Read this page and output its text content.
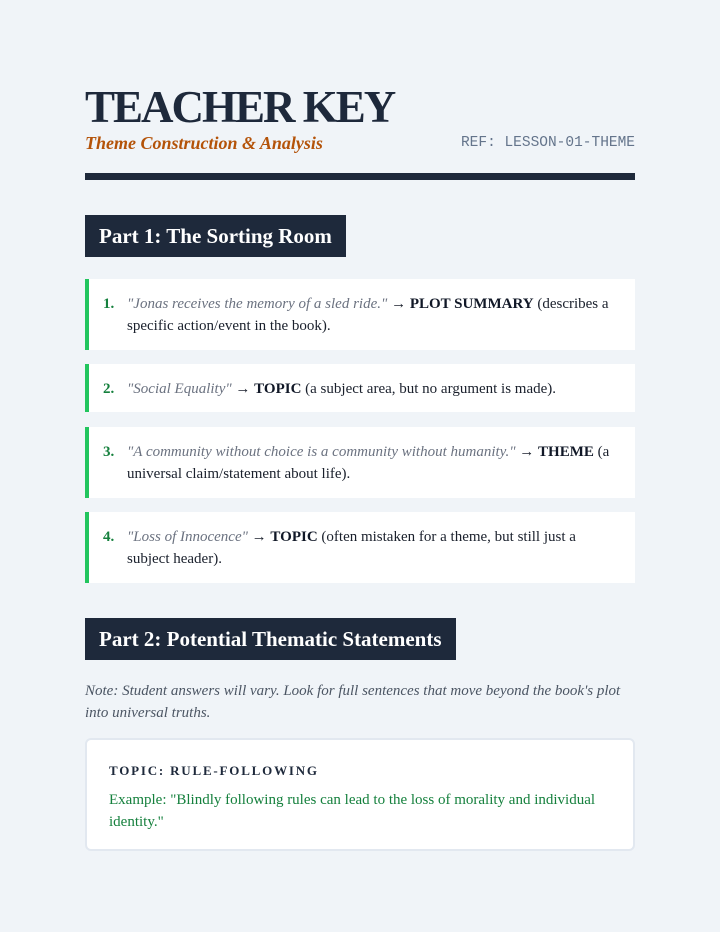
TEACHER KEY
Theme Construction & Analysis	REF: LESSON-01-THEME
Part 1: The Sorting Room
1. "Jonas receives the memory of a sled ride." → PLOT SUMMARY (describes a specific action/event in the book).
2. "Social Equality" → TOPIC (a subject area, but no argument is made).
3. "A community without choice is a community without humanity." → THEME (a universal claim/statement about life).
4. "Loss of Innocence" → TOPIC (often mistaken for a theme, but still just a subject header).
Part 2: Potential Thematic Statements
Note: Student answers will vary. Look for full sentences that move beyond the book's plot into universal truths.
TOPIC: RULE-FOLLOWING
Example: "Blindly following rules can lead to the loss of morality and individual identity."
